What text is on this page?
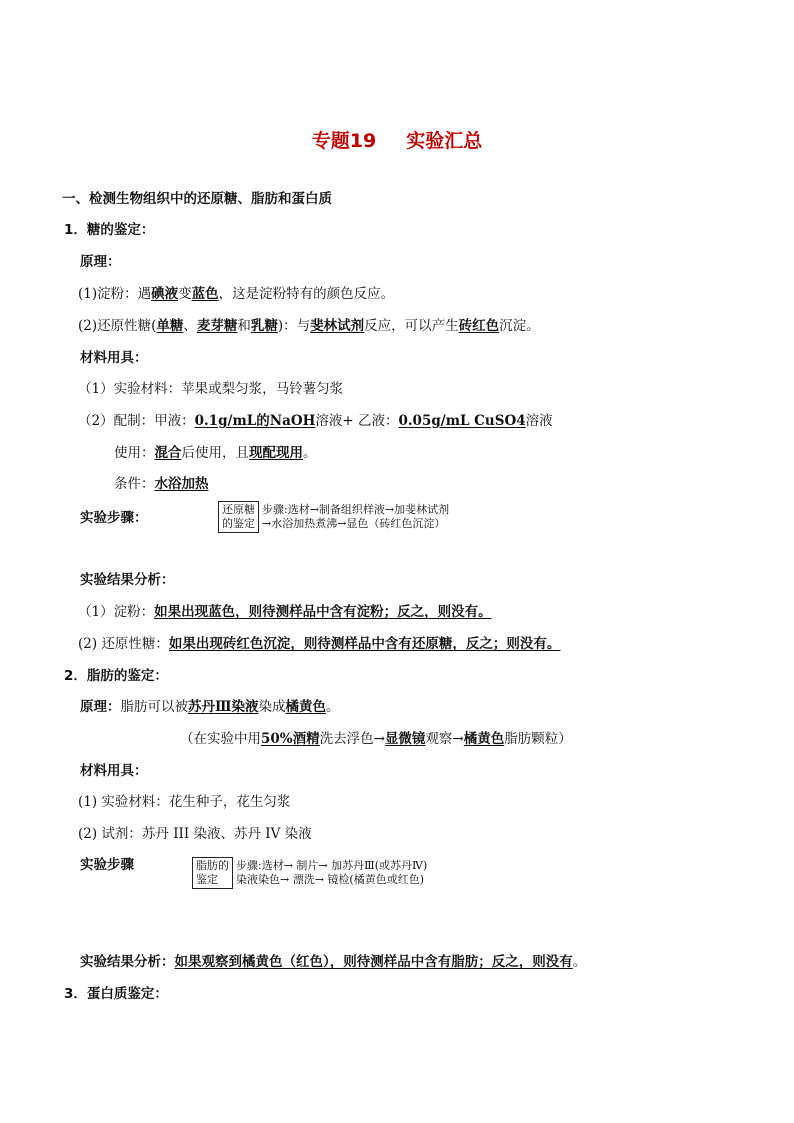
专题19 实验汇总
一、检测生物组织中的还原糖、脂肪和蛋白质
1．糖的鉴定：
原理：
(1)淀粉：遇碘液变蓝色，这是淀粉特有的颜色反应。
(2)还原性糖(单糖、麦芽糖和乳糖)：与斐林试剂反应，可以产生砖红色沉淀。
材料用具：
（1）实验材料：苹果或梨匀浆，马铃薯匀浆
（2）配制：甲液：0.1g/mL的NaOH溶液+ 乙液：0.05g/mL CuSO4溶液
使用：混合后使用，且现配现用。
条件：水浴加热
实验步骤：
还原糖
的鉴定
步骤:选材→制备组织样液→加斐林试剂
→水浴加热煮沸→显色（砖红色沉淀）
实验结果分析：
（1）淀粉：如果出现蓝色，则待测样品中含有淀粉；反之，则没有。
(2) 还原性糖：如果出现砖红色沉淀，则待测样品中含有还原糖，反之；则没有。
2．脂肪的鉴定：
原理：脂肪可以被苏丹Ⅲ染液染成橘黄色。
（在实验中用50%酒精洗去浮色→显微镜观察→橘黄色脂肪颗粒）
材料用具：
(1) 实验材料：花生种子，花生匀浆
(2) 试剂：苏丹 III 染液、苏丹 IV 染液
实验步骤	脂肪的
鉴定
步骤:选材→ 制片→ 加苏丹Ⅲ(或苏丹Ⅳ)
染液染色→ 漂洗→ 镜检(橘黄色或红色)
实验结果分析：如果观察到橘黄色（红色），则待测样品中含有脂肪；反之，则没有。
3．蛋白质鉴定：
